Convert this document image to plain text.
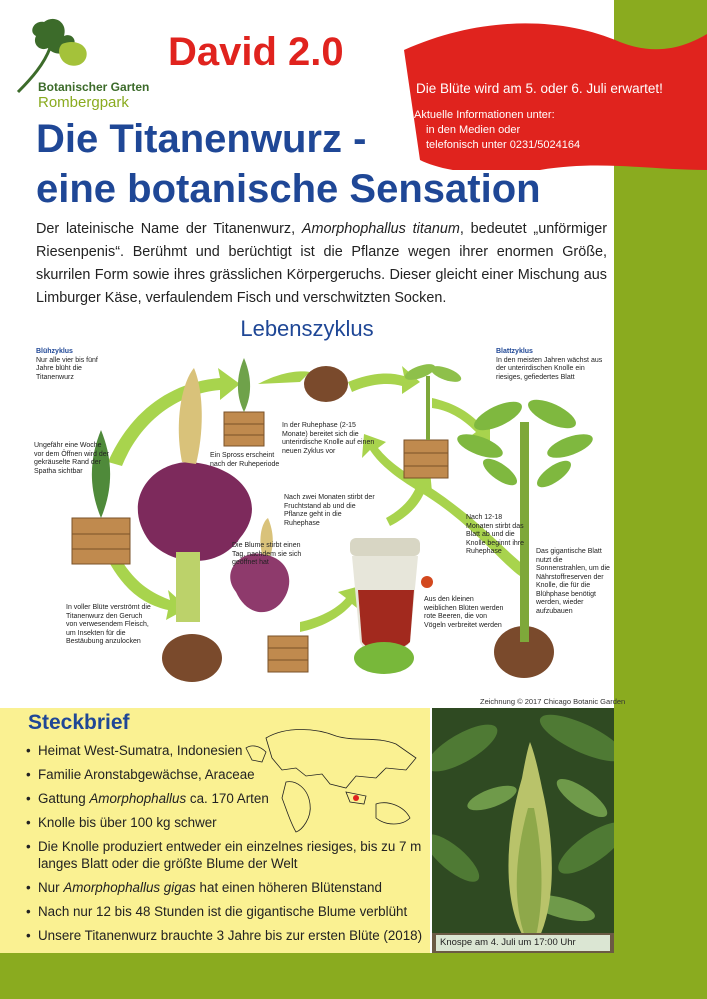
Botanischer Garten
Rombergpark
David 2.0
Die Blüte wird am 5. oder 6. Juli erwartet!
Aktuelle Informationen unter:
in den Medien oder
telefonisch unter 0231/5024164
Die Titanenwurz -
eine botanische Sensation

Der lateinische Name der Titanenwurz, Amorphophallus titanum, bedeutet „unförmiger Riesenpenis“. Berühmt und berüchtigt ist die Pflanze wegen ihrer enormen Größe, skurrilen Form sowie ihres grässlichen Körpergeruchs. Dieser gleicht einer Mischung aus Limburger Käse, verfaulendem Fisch und verschwitzten Socken.

Lebenszyklus
Blühzyklus
Nur alle vier bis fünf Jahre blüht die Titanenwurz
Blattzyklus
In den meisten Jahren wächst aus der unterirdischen Knolle ein riesiges, gefiedertes Blatt
Ungefähr eine Woche vor dem Öffnen wird der gekräuselte Rand der Spatha sichtbar
Ein Spross erscheint nach der Ruheperiode
In der Ruhephase (2-15 Monate) bereitet sich die unterirdische Knolle auf einen neuen Zyklus vor
Nach zwei Monaten stirbt der Fruchtstand ab und die Pflanze geht in die Ruhephase
Die Blume stirbt einen Tag, nachdem sie sich geöffnet hat
Nach 12-18 Monaten stirbt das Blatt ab und die Knolle beginnt ihre Ruhephase	Das gigantische Blatt nutzt die Sonnenstrahlen, um die Nährstoffreserven der Knolle, die für die Blühphase benötigt werden, wieder aufzubauen
Aus den kleinen weiblichen Blüten werden rote Beeren, die von Vögeln verbreitet werden
In voller Blüte verströmt die Titanenwurz den Geruch von verwesendem Fleisch, um Insekten für die Bestäubung anzulocken
Zeichnung © 2017 Chicago Botanic Garden
Steckbrief
• Heimat West-Sumatra, Indonesien
• Familie Aronstabgewächse, Araceae
• Gattung Amorphophallus ca. 170 Arten
• Knolle bis über 100 kg schwer
• Die Knolle produziert entweder ein einzelnes riesiges, bis zu 7 m langes Blatt oder die größte Blume der Welt
• Nur Amorphophallus gigas hat einen höheren Blütenstand
• Nach nur 12 bis 48 Stunden ist die gigantische Blume verblüht
• Unsere Titanenwurz brauchte 3 Jahre bis zur ersten Blüte (2018)	Knospe am 4. Juli um 17:00 Uhr
